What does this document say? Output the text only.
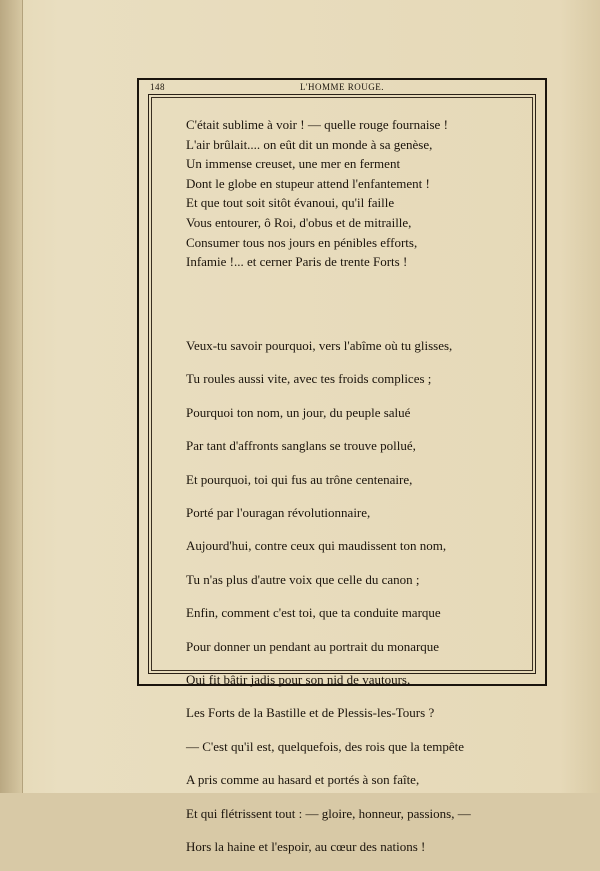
148	L'HOMME ROUGE.

C'était sublime à voir ! — quelle rouge fournaise !

L'air brûlait.... on eût dit un monde à sa genèse,

Un immense creuset, une mer en ferment

Dont le globe en stupeur attend l'enfantement !

Et que tout soit sitôt évanoui, qu'il faille

Vous entourer, ô Roi, d'obus et de mitraille,

Consumer tous nos jours en pénibles efforts,

Infamie !... et cerner Paris de trente Forts !

Veux-tu savoir pourquoi, vers l'abîme où tu glisses,

Tu roules aussi vite, avec tes froids complices ;

Pourquoi ton nom, un jour, du peuple salué

Par tant d'affronts sanglans se trouve pollué,

Et pourquoi, toi qui fus au trône centenaire,

Porté par l'ouragan révolutionnaire,

Aujourd'hui, contre ceux qui maudissent ton nom,

Tu n'as plus d'autre voix que celle du canon ;

Enfin, comment c'est toi, que ta conduite marque

Pour donner un pendant au portrait du monarque

Qui fit bâtir jadis pour son nid de vautours,

Les Forts de la Bastille et de Plessis-les-Tours ?

— C'est qu'il est, quelquefois, des rois que la tempête

A pris comme au hasard et portés à son faîte,

Et qui flétrissent tout : — gloire, honneur, passions, —

Hors la haine et l'espoir, au cœur des nations !
